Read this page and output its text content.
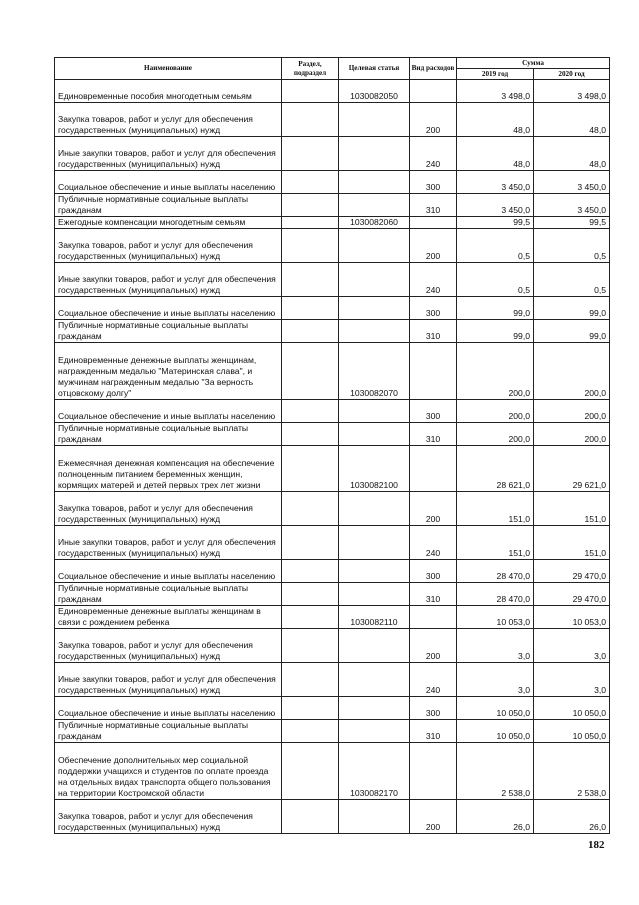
Наименование	Раздел, подраздел	Целевая статья	Вид расходов	Сумма	
				2019 год	2020 год
Единовременные пособия многодетным семьям		1030082050		3 498,0	3 498,0
Закупка товаров, работ и услуг для обеспечения государственных (муниципальных) нужд			200	48,0	48,0
Иные закупки товаров, работ и услуг для обеспечения государственных (муниципальных) нужд			240	48,0	48,0
Социальное обеспечение и иные выплаты населению			300	3 450,0	3 450,0
Публичные нормативные социальные выплаты гражданам			310	3 450,0	3 450,0
Ежегодные компенсации многодетным семьям		1030082060		99,5	99,5
Закупка товаров, работ и услуг для обеспечения государственных (муниципальных) нужд			200	0,5	0,5
Иные закупки товаров, работ и услуг для обеспечения государственных (муниципальных) нужд			240	0,5	0,5
Социальное обеспечение и иные выплаты населению			300	99,0	99,0
Публичные нормативные социальные выплаты гражданам			310	99,0	99,0
Единовременные денежные выплаты женщинам, награжденным медалью "Материнская слава", и мужчинам награжденным медалью "За верность отцовскому долгу"		1030082070		200,0	200,0
Социальное обеспечение и иные выплаты населению			300	200,0	200,0
Публичные нормативные социальные выплаты гражданам			310	200,0	200,0
Ежемесячная денежная компенсация на обеспечение полноценным питанием беременных женщин, кормящих матерей и детей первых трех лет жизни		1030082100		28 621,0	29 621,0
Закупка товаров, работ и услуг для обеспечения государственных (муниципальных) нужд			200	151,0	151,0
Иные закупки товаров, работ и услуг для обеспечения государственных (муниципальных) нужд			240	151,0	151,0
Социальное обеспечение и иные выплаты населению			300	28 470,0	29 470,0
Публичные нормативные социальные выплаты гражданам			310	28 470,0	29 470,0
Единовременные денежные выплаты женщинам в связи с рождением ребенка		1030082110		10 053,0	10 053,0
Закупка товаров, работ и услуг для обеспечения государственных (муниципальных) нужд			200	3,0	3,0
Иные закупки товаров, работ и услуг для обеспечения государственных (муниципальных) нужд			240	3,0	3,0
Социальное обеспечение и иные выплаты населению			300	10 050,0	10 050,0
Публичные нормативные социальные выплаты гражданам			310	10 050,0	10 050,0
Обеспечение дополнительных мер социальной поддержки учащихся и студентов по оплате проезда на отдельных видах транспорта общего пользования на территории Костромской области		1030082170		2 538,0	2 538,0
Закупка товаров, работ и услуг для обеспечения государственных (муниципальных) нужд			200	26,0	26,0
182
